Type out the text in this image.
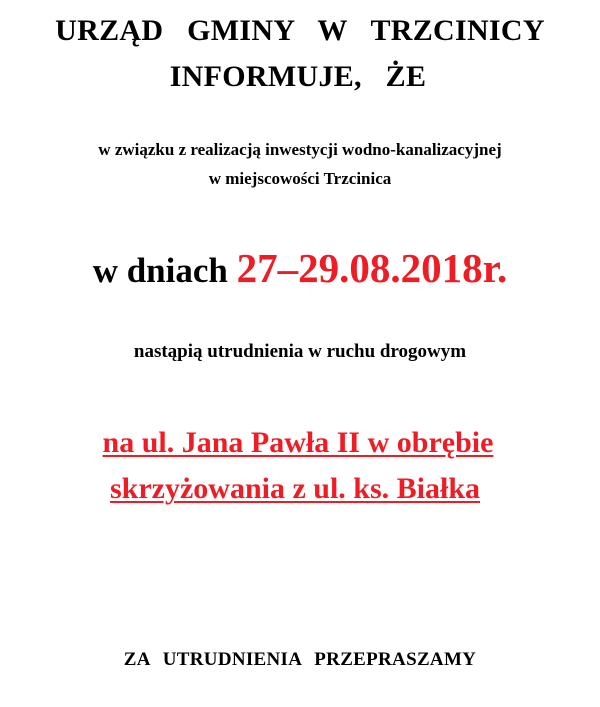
URZĄD GMINY W TRZCINICY
INFORMUJE, ŻE
w związku z realizacją inwestycji wodno-kanalizacyjnej
w miejscowości Trzcinica
w dniach 27–29.08.2018r.
nastąpią utrudnienia w ruchu drogowym
na ul. Jana Pawła II w obrębie
skrzyżowania z ul. ks. Białka
ZA UTRUDNIENIA PRZEPRASZAMY
